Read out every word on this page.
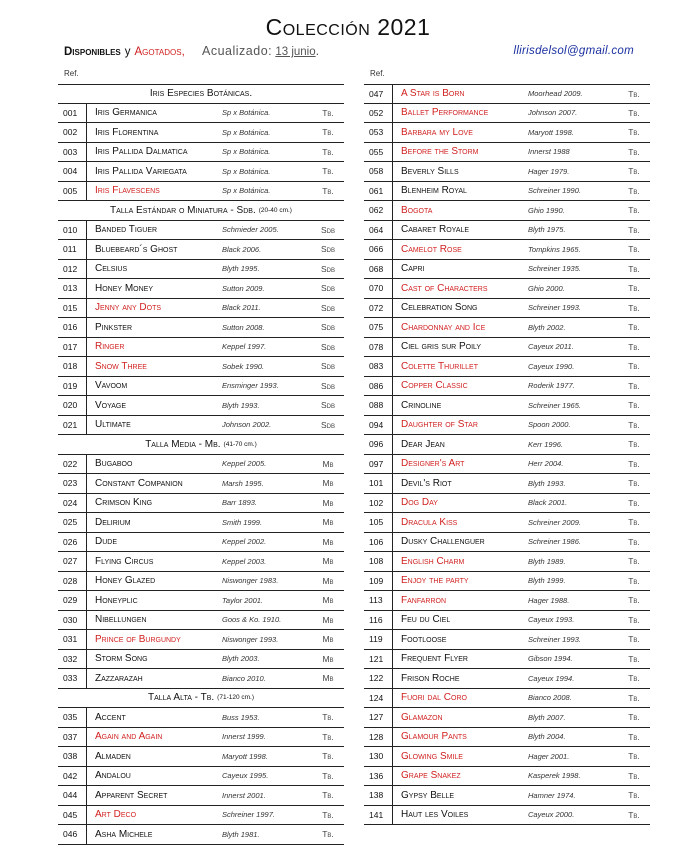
Colección 2021
Disponibles y Agotados, Acualizado: 13 junio.	llirisdelsol@gmail.com
Ref.	Ref.
Iris Especies Botánicas.
001	Iris Germanica	Sp x Botánica.	Tb.
002	Iris Florentina	Sp x Botánica.	Tb.
003	Iris Pallida Dalmatica	Sp x Botánica.	Tb.
004	Iris Pallida Variegata	Sp x Botánica.	Tb.
005	Iris Flavescens	Sp x Botánica.	Tb.
Talla Estándar o Miniatura - Sdb. (20-40 cm.)
010	Banded Tiguer	Schmieder 2005.	Sdb
011	Bluebeard´s Ghost	Black 2006.	Sdb
012	Celsius	Blyth 1995.	Sdb
013	Honey Money	Sutton 2009.	Sdb
015	Jenny any Dots	Black 2011.	Sdb
016	Pinkster	Sutton 2008.	Sdb
017	Ringer	Keppel 1997.	Sdb
018	Snow Three	Sobek 1990.	Sdb
019	Vavoom	Ensminger 1993.	Sdb
020	Voyage	Blyth 1993.	Sdb
021	Ultimate	Johnson 2002.	Sdb
Talla Media - Mb. (41-70 cm.)
022	Bugaboo	Keppel 2005.	Mb
023	Constant Companion	Marsh 1995.	Mb
024	Crimson King	Barr 1893.	Mb
025	Delirium	Smith 1999.	Mb
026	Dude	Keppel 2002.	Mb
027	Flying Circus	Keppel 2003.	Mb
028	Honey Glazed	Niswonger 1983.	Mb
029	Honeyplic	Taylor 2001.	Mb
030	Nibellungen	Goos & Ko. 1910.	Mb
031	Prince of Burgundy	Niswonger 1993.	Mb
032	Storm Song	Blyth 2003.	Mb
033	Zazzarazah	Bianco 2010.	Mb
Talla Alta - Tb. (71-120 cm.)
035	Accent	Buss 1953.	Tb.
037	Again and Again	Innerst 1999.	Tb.
038	Almaden	Maryott 1998.	Tb.
042	Andalou	Cayeux 1995.	Tb.
044	Apparent Secret	Innerst 2001.	Tb.
045	Art Deco	Schreiner 1997.	Tb.
046	Asha Michele	Blyth 1981.	Tb.
047	A Star is Born	Moorhead 2009.	Tb.
052	Ballet Performance	Johnson 2007.	Tb.
053	Barbara my Love	Maryott 1998.	Tb.
055	Before the Storm	Innerst 1988	Tb.
058	Beverly Sills	Hager 1979.	Tb.
061	Blenheim Royal	Schreiner 1990.	Tb.
062	Bogota	Ghio 1990.	Tb.
064	Cabaret Royale	Blyth 1975.	Tb.
066	Camelot Rose	Tompkins 1965.	Tb.
068	Capri	Schreiner 1935.	Tb.
070	Cast of Characters	Ghio 2000.	Tb.
072	Celebration Song	Schreiner 1993.	Tb.
075	Chardonnay and Ice	Blyth 2002.	Tb.
078	Ciel gris sur Poily	Cayeux 2011.	Tb.
083	Colette Thurillet	Cayeux 1990.	Tb.
086	Copper Classic	Roderik 1977.	Tb.
088	Crinoline	Schreiner 1965.	Tb.
094	Daughter of Star	Spoon 2000.	Tb.
096	Dear Jean	Kerr 1996.	Tb.
097	Designer's Art	Herr 2004.	Tb.
101	Devil's Riot	Blyth 1993.	Tb.
102	Dog Day	Black 2001.	Tb.
105	Dracula Kiss	Schreiner 2009.	Tb.
106	Dusky Challenguer	Schreiner 1986.	Tb.
108	English Charm	Blyth 1989.	Tb.
109	Enjoy the party	Blyth 1999.	Tb.
113	Fanfarron	Hager 1988.	Tb.
116	Feu du Ciel	Cayeux 1993.	Tb.
119	Footloose	Schreiner 1993.	Tb.
121	Frequent Flyer	Gibson 1994.	Tb.
122	Frison Roche	Cayeux 1994.	Tb.
124	Fuori dal Coro	Bianco 2008.	Tb.
127	Glamazon	Blyth 2007.	Tb.
128	Glamour Pants	Blyth 2004.	Tb.
130	Glowing Smile	Hager 2001.	Tb.
136	Grape Snakez	Kasperek 1998.	Tb.
138	Gypsy Belle	Hamner 1974.	Tb.
141	Haut les Voiles	Cayeux 2000.	Tb.
